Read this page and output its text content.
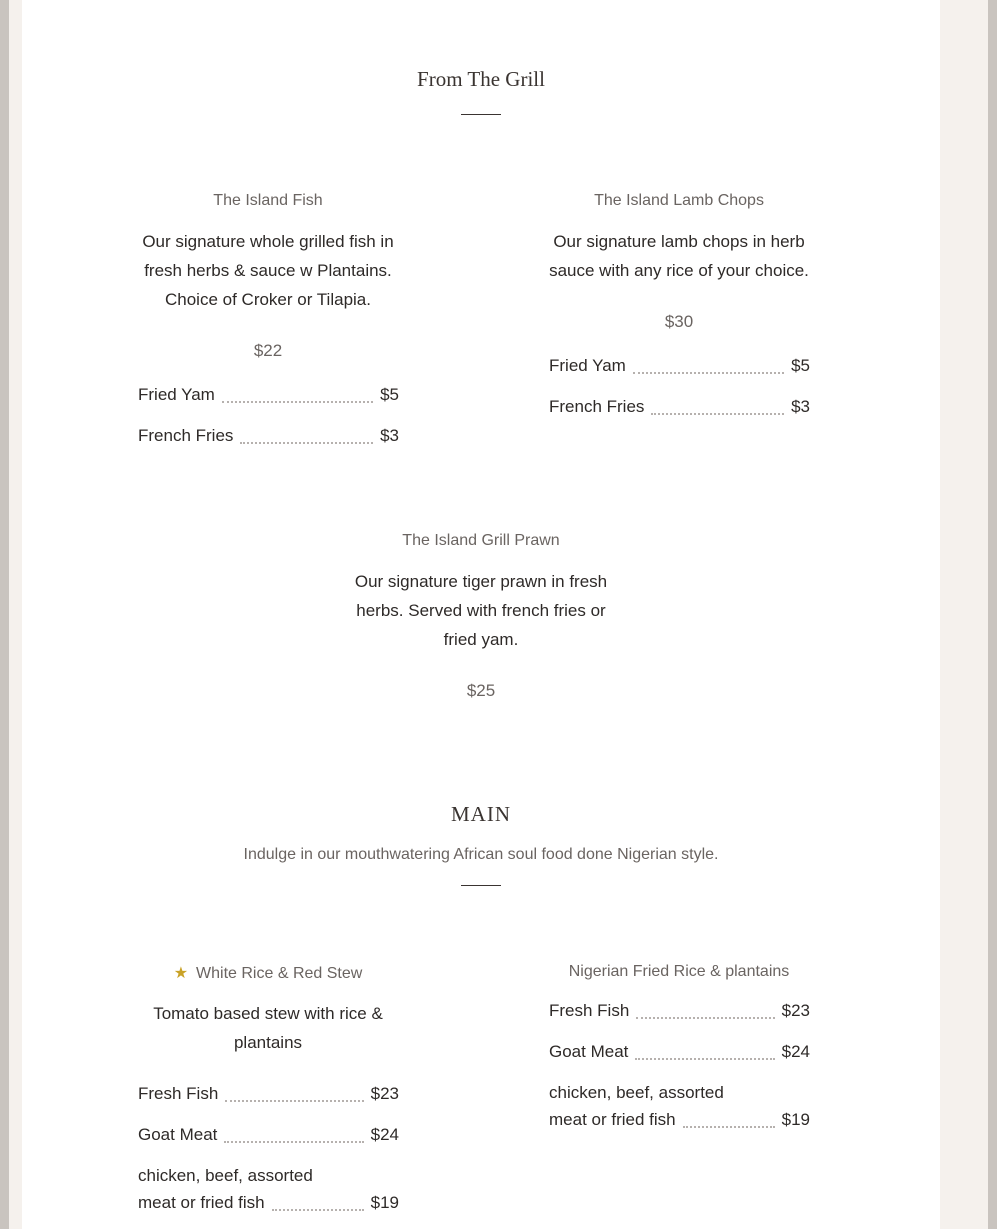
From The Grill
The Island Fish
Our signature whole grilled fish in fresh herbs & sauce w Plantains. Choice of Croker or Tilapia.
$22
Fried Yam	$5
French Fries	$3
The Island Lamb Chops
Our signature lamb chops in herb sauce with any rice of your choice.
$30
Fried Yam	$5
French Fries	$3
The Island Grill Prawn
Our signature tiger prawn in fresh herbs. Served with french fries or fried yam.
$25
MAIN
Indulge in our mouthwatering African soul food done Nigerian style.
★ White Rice & Red Stew
Tomato based stew with rice & plantains
Fresh Fish	$23
Goat Meat	$24
chicken, beef, assorted
meat or fried fish	$19
Nigerian Fried Rice & plantains
Fresh Fish	$23
Goat Meat	$24
chicken, beef, assorted
meat or fried fish	$19
